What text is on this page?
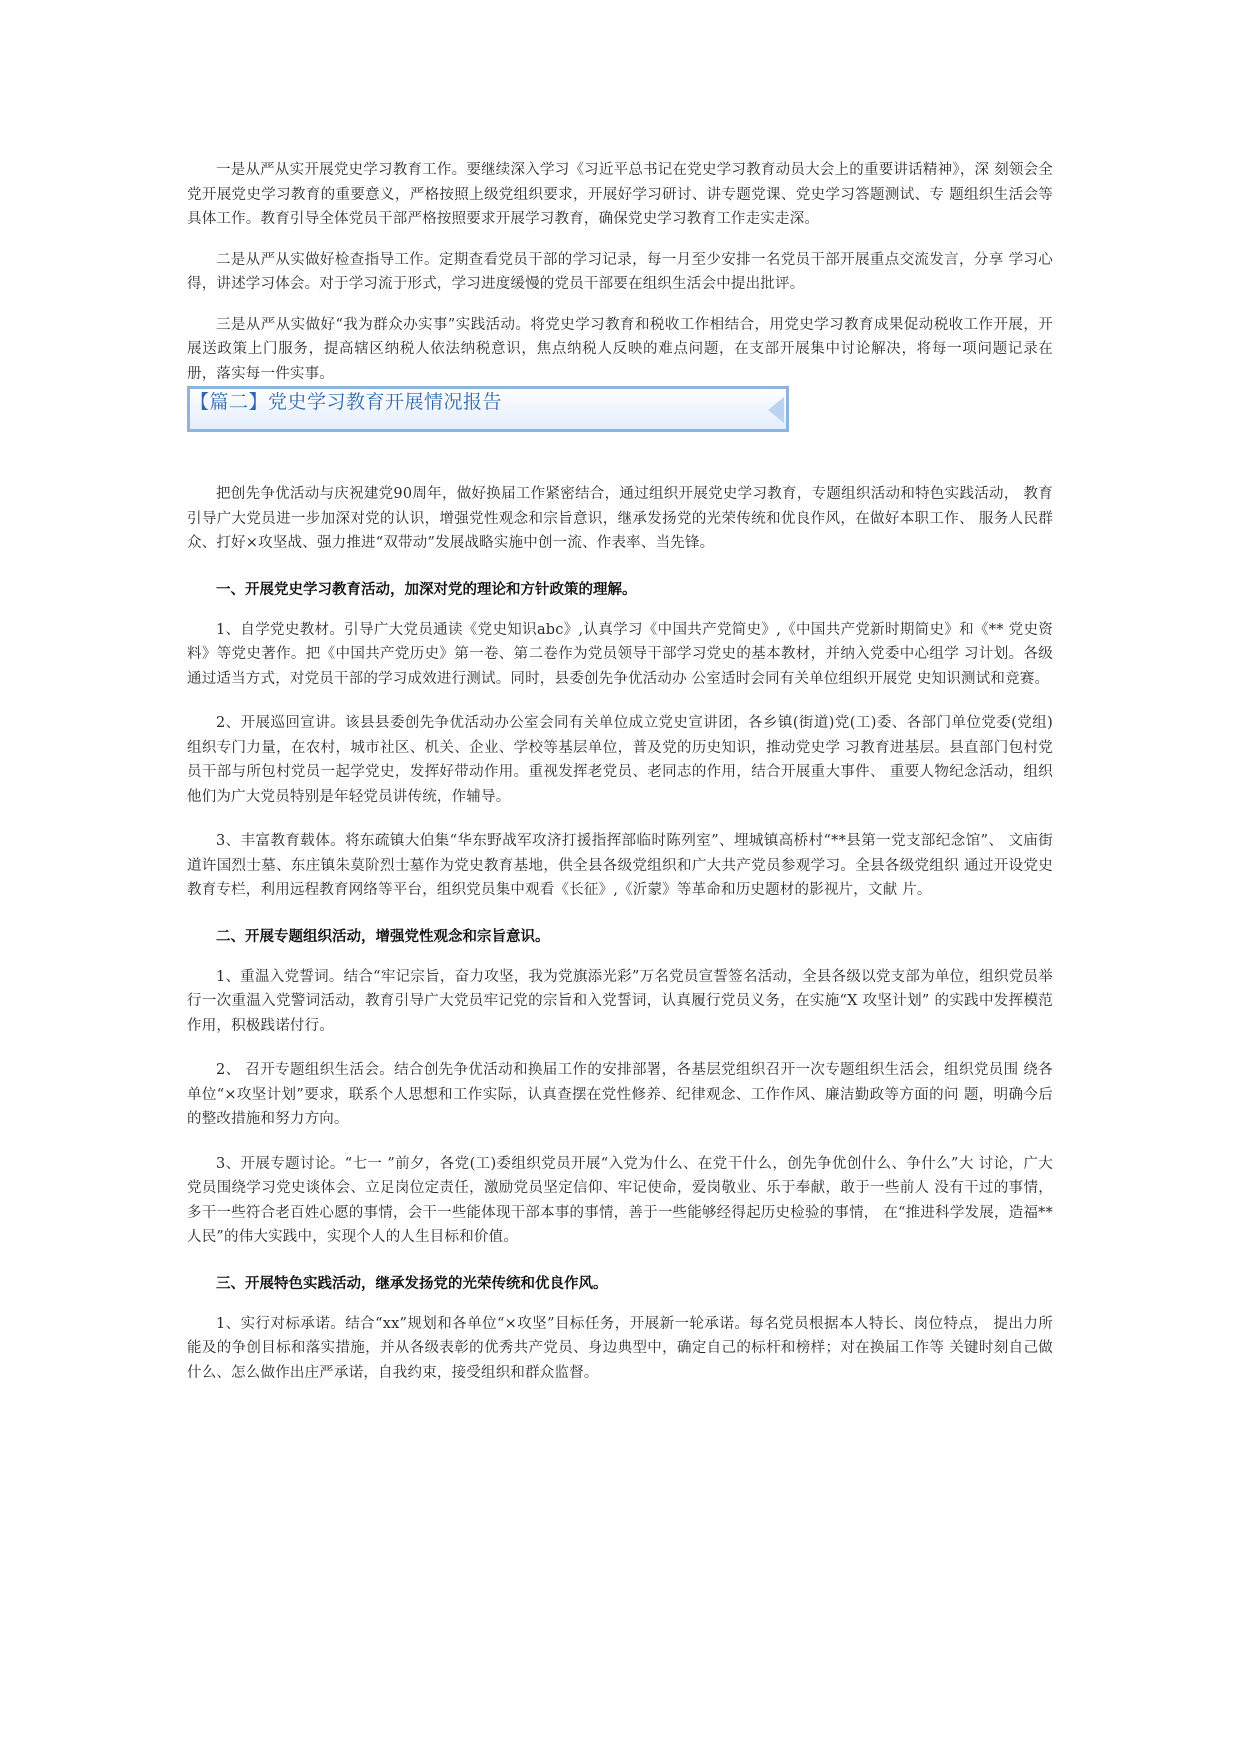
一是从严从实开展党史学习教育工作。要继续深入学习《习近平总书记在党史学习教育动员大会上的重要讲话精神》，深 刻领会全党开展党史学习教育的重要意义，严格按照上级党组织要求，开展好学习研讨、讲专题党课、党史学习答题测试、专 题组织生活会等具体工作。教育引导全体党员干部严格按照要求开展学习教育，确保党史学习教育工作走实走深。

二是从严从实做好检查指导工作。定期查看党员干部的学习记录，每一月至少安排一名党员干部开展重点交流发言，分享 学习心得，讲述学习体会。对于学习流于形式，学习进度缓慢的党员干部要在组织生活会中提出批评。

三是从严从实做好“我为群众办实事”实践活动。将党史学习教育和税收工作相结合，用党史学习教育成果促动税收工作开展，开展送政策上门服务，提高辖区纳税人依法纳税意识，焦点纳税人反映的难点问题，在支部开展集中讨论解决，将每一项问题记录在册，落实每一件实事。

【篇二】党史学习教育开展情况报告

把创先争优活动与庆祝建党90周年，做好换届工作紧密结合，通过组织开展党史学习教育，专题组织活动和特色实践活动， 教育引导广大党员进一步加深对党的认识，增强党性观念和宗旨意识，继承发扬党的光荣传统和优良作风，在做好本职工作、 服务人民群众、打好×攻坚战、强力推进“双带动”发展战略实施中创一流、作表率、当先锋。

一、开展党史学习教育活动，加深对党的理论和方针政策的理解。

1、自学党史教材。引导广大党员通读《党史知识abc》,认真学习《中国共产党简史》,《中国共产党新时期简史》和《** 党史资料》等党史著作。把《中国共产党历史》第一卷、第二卷作为党员领导干部学习党史的基本教材，并纳入党委中心组学 习计划。各级通过适当方式，对党员干部的学习成效进行测试。同时，县委创先争优活动办 公室适时会同有关单位组织开展党 史知识测试和竞赛。

2、开展巡回宣讲。该县县委创先争优活动办公室会同有关单位成立党史宣讲团，各乡镇(街道)党(工)委、各部门单位党委(党组)组织专门力量，在农村，城市社区、机关、企业、学校等基层单位，普及党的历史知识，推动党史学 习教育进基层。县直部门包村党员干部与所包村党员一起学党史，发挥好带动作用。重视发挥老党员、老同志的作用，结合开展重大事件、 重要人物纪念活动，组织他们为广大党员特别是年轻党员讲传统，作辅导。

3、丰富教育载体。将东疏镇大伯集“华东野战军攻济打援指挥部临时陈列室”、埋城镇高桥村“**县第一党支部纪念馆”、 文庙街道许国烈士墓、东庄镇朱莫阶烈士墓作为党史教育基地，供全县各级党组织和广大共产党员参观学习。全县各级党组织 通过开设党史教育专栏，利用远程教育网络等平台，组织党员集中观看《长征》,《沂蒙》等革命和历史题材的影视片，文献 片。

二、开展专题组织活动，增强党性观念和宗旨意识。

1、重温入党誓词。结合“牢记宗旨，奋力攻坚，我为党旗添光彩”万名党员宣誓签名活动，全县各级以党支部为单位，组织党员举行一次重温入党警词活动，教育引导广大党员牢记党的宗旨和入党誓词，认真履行党员义务，在实施“X 攻坚计划” 的实践中发挥模范作用，积极践诺付行。

2、 召开专题组织生活会。结合创先争优活动和换届工作的安排部署，各基层党组织召开一次专题组织生活会，组织党员围 绕各单位“×攻坚计划”要求，联系个人思想和工作实际，认真查摆在党性修养、纪律观念、工作作风、廉洁勤政等方面的问 题，明确今后的整改措施和努力方向。

3、开展专题讨论。“七一 ”前夕，各党(工)委组织党员开展“入党为什么、在党干什么，创先争优创什么、争什么”大 讨论，广大党员围绕学习党史谈体会、立足岗位定责任，激励党员坚定信仰、牢记使命，爱岗敬业、乐于奉献，敢于一些前人 没有干过的事情，多干一些符合老百姓心愿的事情，会干一些能体现干部本事的事情，善于一些能够经得起历史检验的事情， 在“推进科学发展，造福**人民”的伟大实践中，实现个人的人生目标和价值。

三、开展特色实践活动，继承发扬党的光荣传统和优良作风。

1、实行对标承诺。结合“xx”规划和各单位“×攻坚”目标任务，开展新一轮承诺。每名党员根据本人特长、岗位特点， 提出力所能及的争创目标和落实措施，并从各级表彰的优秀共产党员、身边典型中，确定自己的标杆和榜样；对在换届工作等 关键时刻自己做什么、怎么做作出庄严承诺，自我约束，接受组织和群众监督。
